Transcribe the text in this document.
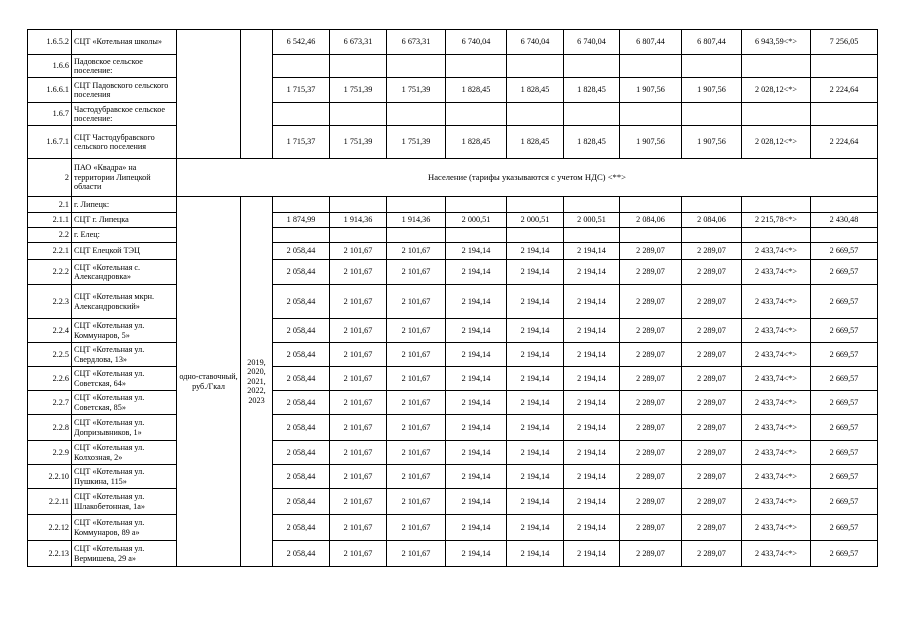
1.6.5.2	СЦТ «Котельная школы»			6 542,46	6 673,31	6 673,31	6 740,04	6 740,04	6 740,04	6 807,44	6 807,44	6 943,59<*>	7 256,05
1.6.6	Падовское сельское поселение:												
1.6.6.1	СЦТ Падовского сельского поселения			1 715,37	1 751,39	1 751,39	1 828,45	1 828,45	1 828,45	1 907,56	1 907,56	2 028,12<*>	2 224,64
1.6.7	Частодубравское сельское поселение:												
1.6.7.1	СЦТ Частодубравского сельского поселения			1 715,37	1 751,39	1 751,39	1 828,45	1 828,45	1 828,45	1 907,56	1 907,56	2 028,12<*>	2 224,64
2	ПАО «Квадра» на территории Липецкой области	Население (тарифы указываются с учетом НДС) <**>											
2.1	г. Липецк:	одно-ставочный, руб./Гкал	2019, 2020, 2021, 2022, 2023										
2.1.1	СЦТ г. Липецка			1 874,99	1 914,36	1 914,36	2 000,51	2 000,51	2 000,51	2 084,06	2 084,06	2 215,78<*>	2 430,48
2.2	г. Елец:												
2.2.1	СЦТ Елецкой ТЭЦ			2 058,44	2 101,67	2 101,67	2 194,14	2 194,14	2 194,14	2 289,07	2 289,07	2 433,74<*>	2 669,57
2.2.2	СЦТ «Котельная с. Александровка»			2 058,44	2 101,67	2 101,67	2 194,14	2 194,14	2 194,14	2 289,07	2 289,07	2 433,74<*>	2 669,57
2.2.3	СЦТ «Котельная мкрн. Александровский»			2 058,44	2 101,67	2 101,67	2 194,14	2 194,14	2 194,14	2 289,07	2 289,07	2 433,74<*>	2 669,57
2.2.4	СЦТ «Котельная ул. Коммунаров, 5»			2 058,44	2 101,67	2 101,67	2 194,14	2 194,14	2 194,14	2 289,07	2 289,07	2 433,74<*>	2 669,57
2.2.5	СЦТ «Котельная ул. Свердлова, 13»			2 058,44	2 101,67	2 101,67	2 194,14	2 194,14	2 194,14	2 289,07	2 289,07	2 433,74<*>	2 669,57
2.2.6	СЦТ «Котельная ул. Советская, 64»			2 058,44	2 101,67	2 101,67	2 194,14	2 194,14	2 194,14	2 289,07	2 289,07	2 433,74<*>	2 669,57
2.2.7	СЦТ «Котельная ул. Советская, 85»			2 058,44	2 101,67	2 101,67	2 194,14	2 194,14	2 194,14	2 289,07	2 289,07	2 433,74<*>	2 669,57
2.2.8	СЦТ «Котельная ул. Допризывников, 1»			2 058,44	2 101,67	2 101,67	2 194,14	2 194,14	2 194,14	2 289,07	2 289,07	2 433,74<*>	2 669,57
2.2.9	СЦТ «Котельная ул. Колхозная, 2»			2 058,44	2 101,67	2 101,67	2 194,14	2 194,14	2 194,14	2 289,07	2 289,07	2 433,74<*>	2 669,57
2.2.10	СЦТ «Котельная ул. Пушкина, 115»			2 058,44	2 101,67	2 101,67	2 194,14	2 194,14	2 194,14	2 289,07	2 289,07	2 433,74<*>	2 669,57
2.2.11	СЦТ «Котельная ул. Шлакобетонная, 1а»			2 058,44	2 101,67	2 101,67	2 194,14	2 194,14	2 194,14	2 289,07	2 289,07	2 433,74<*>	2 669,57
2.2.12	СЦТ «Котельная ул. Коммунаров, 89 а»			2 058,44	2 101,67	2 101,67	2 194,14	2 194,14	2 194,14	2 289,07	2 289,07	2 433,74<*>	2 669,57
2.2.13	СЦТ «Котельная ул. Вермишева, 29 а»			2 058,44	2 101,67	2 101,67	2 194,14	2 194,14	2 194,14	2 289,07	2 289,07	2 433,74<*>	2 669,57
